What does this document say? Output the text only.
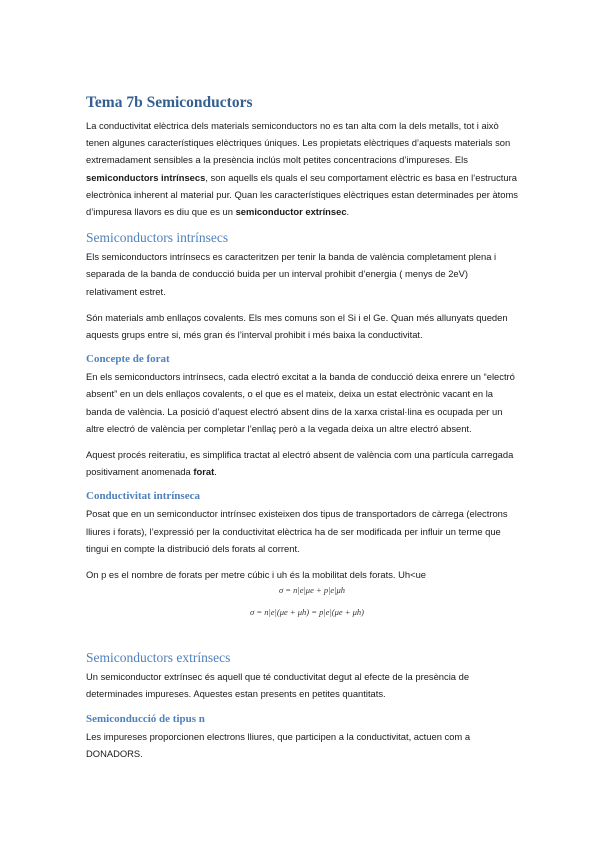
Tema 7b Semiconductors

La conductivitat elèctrica dels materials semiconductors no es tan alta com la dels metalls, tot i això tenen algunes característiques elèctriques úniques. Les propietats elèctriques d’aquests materials son extremadament sensibles a la presència inclús molt petites concentracions d’impureses. Els semiconductors intrínsecs, son aquells els quals el seu comportament elèctric es basa en l’estructura electrònica inherent al material pur. Quan les característiques elèctriques estan determinades per àtoms d’impuresa llavors es diu que es un semiconductor extrínsec.

Semiconductors intrínsecs

Els semiconductors intrínsecs es caracteritzen per tenir la banda de valència completament plena i separada de la banda de conducció buida per un interval prohibit d’energia ( menys de 2eV) relativament estret.

Són materials amb enllaços covalents. Els mes comuns son el Si i el Ge. Quan més allunyats queden aquests grups entre si, més gran és l’interval prohibit i més baixa la conductivitat.

Concepte de forat

En els semiconductors intrínsecs, cada electró excitat a la banda de conducció deixa enrere un “electró absent” en un dels enllaços covalents, o el que es el mateix, deixa un estat electrònic vacant en la banda de valència. La posició d’aquest electró absent dins de la xarxa cristal·lina es ocupada per un altre electró de valència per completar l’enllaç però a la vegada deixa un altre electró absent.

Aquest procés reiteratiu, es simplifica tractat al electró absent de valència com una partícula carregada positivament anomenada forat.

Conductivitat intrínseca

Posat que en un semiconductor intrínsec existeixen dos tipus de transportadors de càrrega (electrons lliures i forats), l’expressió per la conductivitat elèctrica ha de ser modificada per influir un terme que tingui en compte la distribució dels forats al corrent.

On p es el nombre de forats per metre cúbic i uh és la mobilitat dels forats. Uh<ue

σ = n|e|μe + p|e|μh
σ = n|e|(μe + μh) = p|e|(μe + μh)
Semiconductors extrínsecs

Un semiconductor extrínsec és aquell que té conductivitat degut al efecte de la presència de determinades impureses. Aquestes estan presents en petites quantitats.

Semiconducció de tipus n

Les impureses proporcionen electrons lliures, que participen a la conductivitat, actuen com a DONADORS.
